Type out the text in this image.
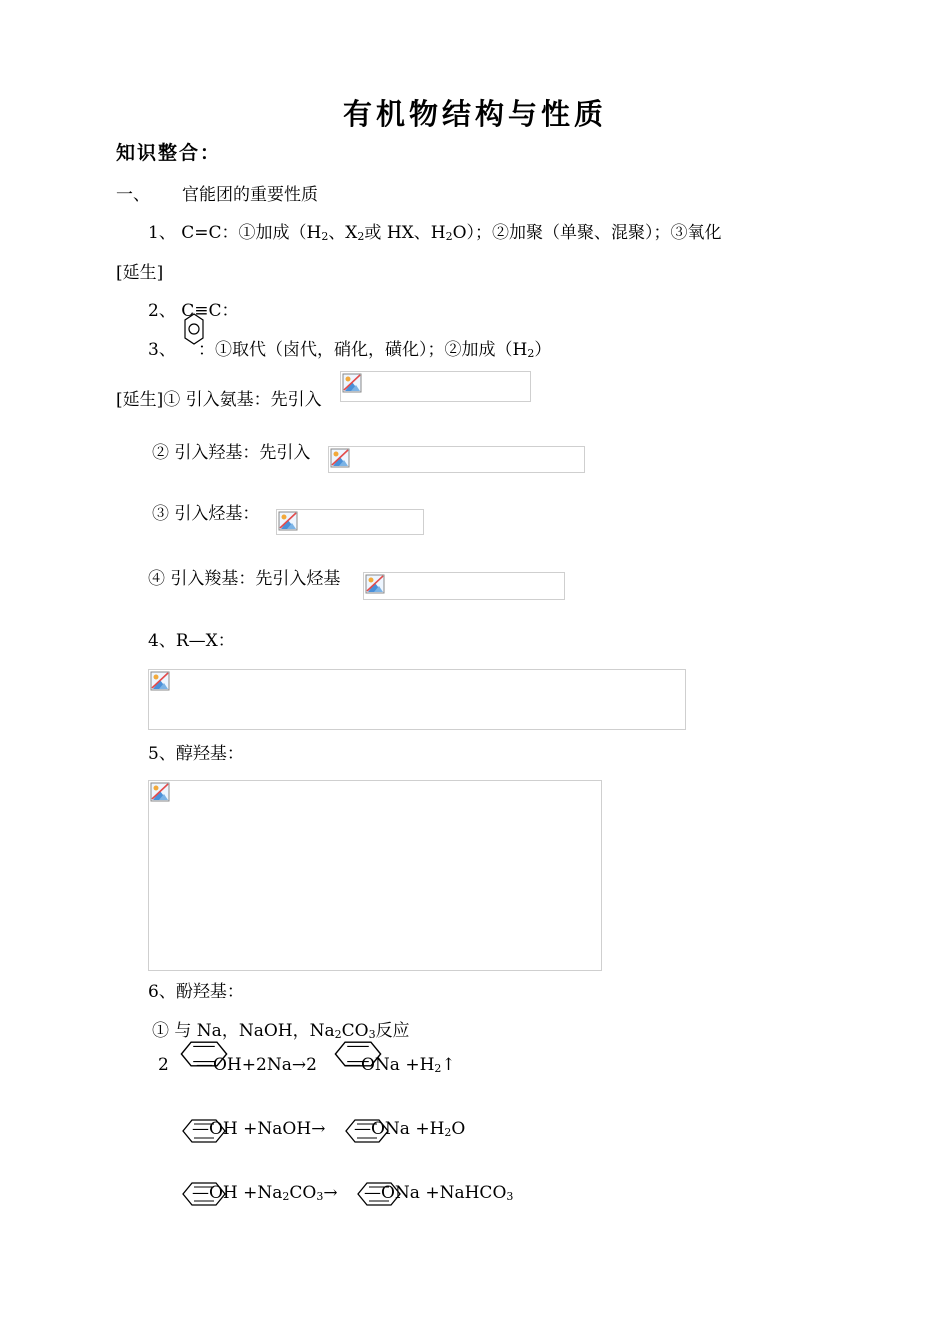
有机物结构与性质
知识整合：
一、 官能团的重要性质
1、 C=C：①加成（$H_2$、$X_2$或 HX、$H_2O$）；②加聚（单聚、混聚）；③氧化
[延生]
2、 C≡C：
3、 ：①取代（卤代，硝化，磺化）；②加成$(H_2)$
[延生]① 引入氨基：先引入
② 引入羟基：先引入
③ 引入烃基：
④ 引入羧基：先引入烃基
4、R—X：
5、醇羟基：
6、酚羟基：
① 与 Na，NaOH，$Na_2CO_3$反应
2 —OH+2Na→2 —ONa $+H_2↑$
—OH +NaOH→ —ONa $+H_2O$
—OH $+Na_2CO_3\to$ —ONa +NaHCO$_3$
